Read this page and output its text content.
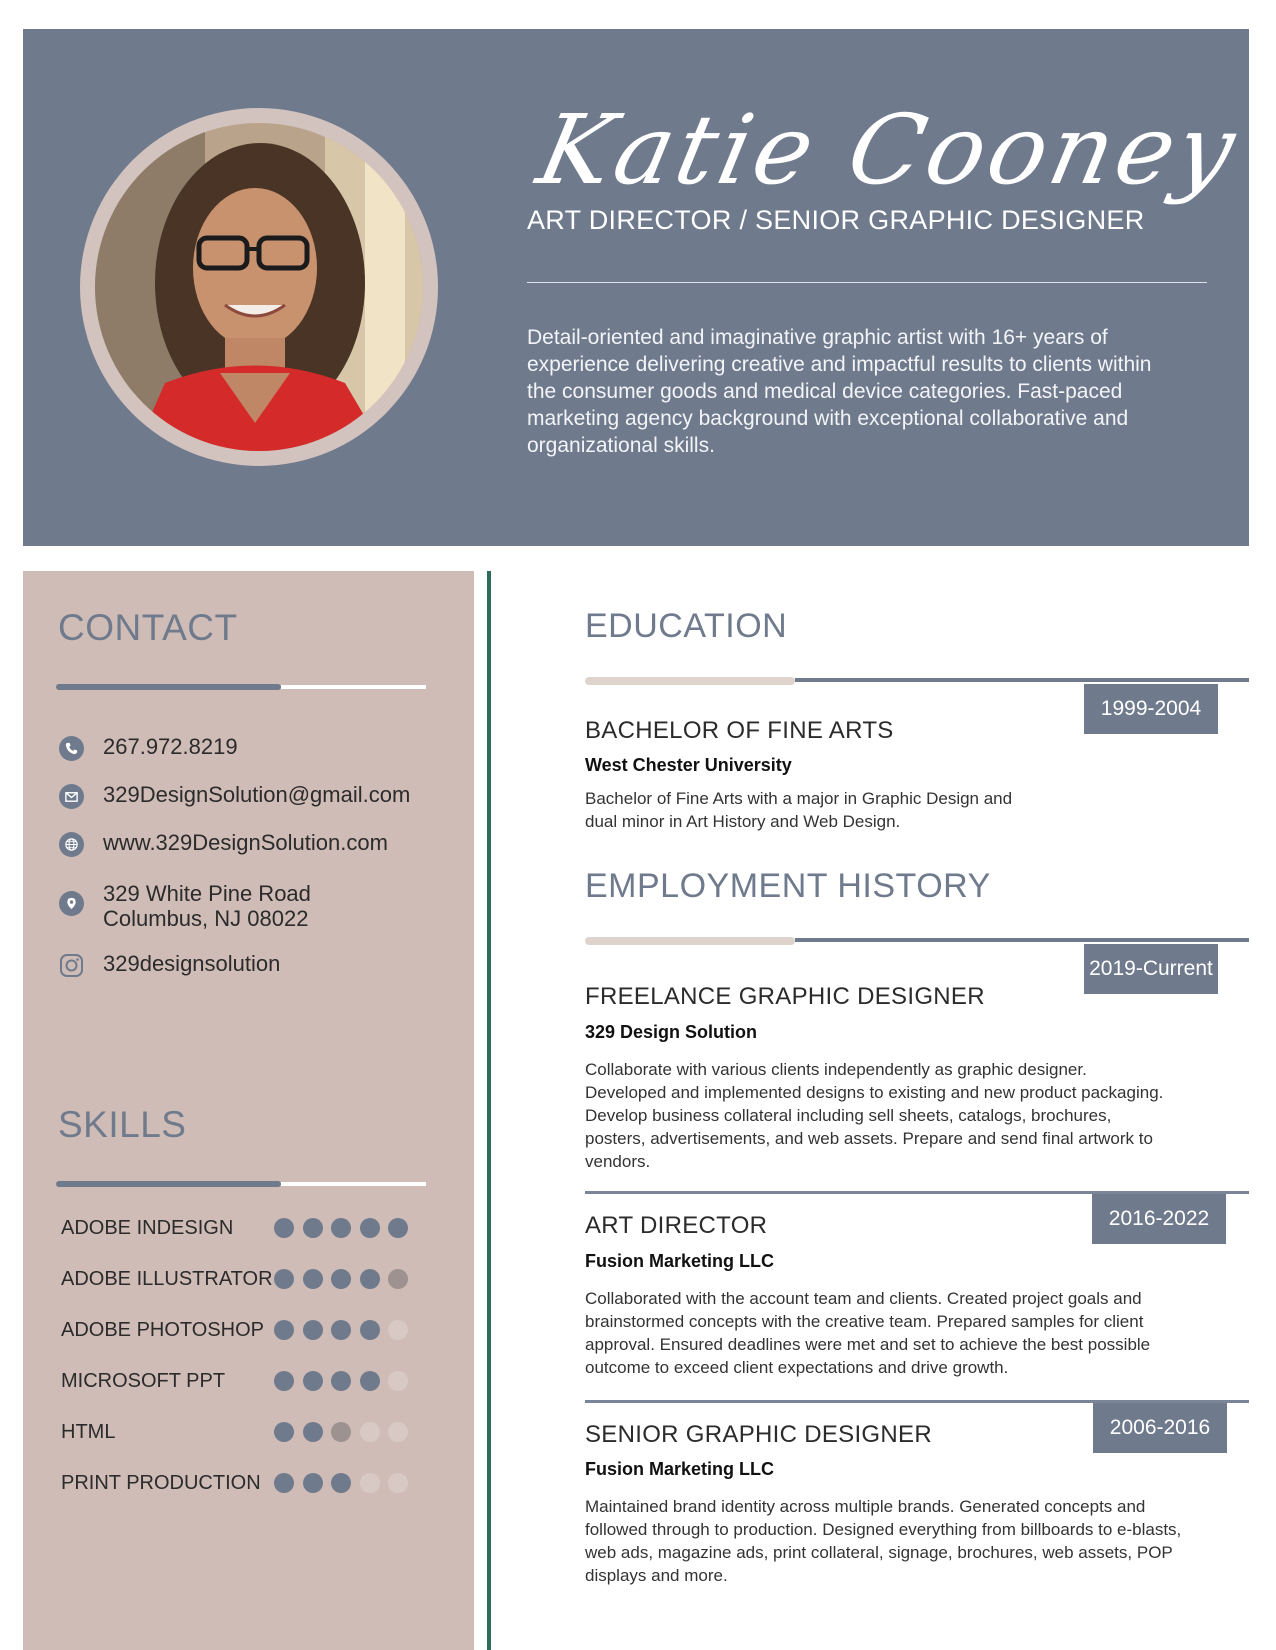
Katie Cooney
ART DIRECTOR / SENIOR GRAPHIC DESIGNER
Detail-oriented and imaginative graphic artist with 16+ years of experience delivering creative and impactful results to clients within the consumer goods and medical device categories. Fast-paced marketing agency background with exceptional collaborative and organizational skills.
CONTACT
267.972.8219
329DesignSolution@gmail.com
www.329DesignSolution.com
329 White Pine Road
Columbus, NJ 08022
329designsolution
SKILLS
ADOBE INDESIGN
ADOBE ILLUSTRATOR
ADOBE PHOTOSHOP
MICROSOFT PPT
HTML
PRINT PRODUCTION
EDUCATION
1999-2004
BACHELOR OF FINE ARTS
West Chester University
Bachelor of Fine Arts with a major in Graphic Design and dual minor in Art History and Web Design.
EMPLOYMENT HISTORY
2019-Current
FREELANCE GRAPHIC DESIGNER
329 Design Solution
Collaborate with various clients independently as graphic designer. Developed and implemented designs to existing and new product packaging. Develop business collateral including sell sheets, catalogs, brochures, posters, advertisements, and web assets. Prepare and send final artwork to vendors.
2016-2022
ART DIRECTOR
Fusion Marketing LLC
Collaborated with the account team and clients. Created project goals and brainstormed concepts with the creative team. Prepared samples for client approval. Ensured deadlines were met and set to achieve the best possible outcome to exceed client expectations and drive growth.
2006-2016
SENIOR GRAPHIC DESIGNER
Fusion Marketing LLC
Maintained brand identity across multiple brands. Generated concepts and followed through to production. Designed everything from billboards to e-blasts, web ads, magazine ads, print collateral, signage, brochures, web assets, POP displays and more.
